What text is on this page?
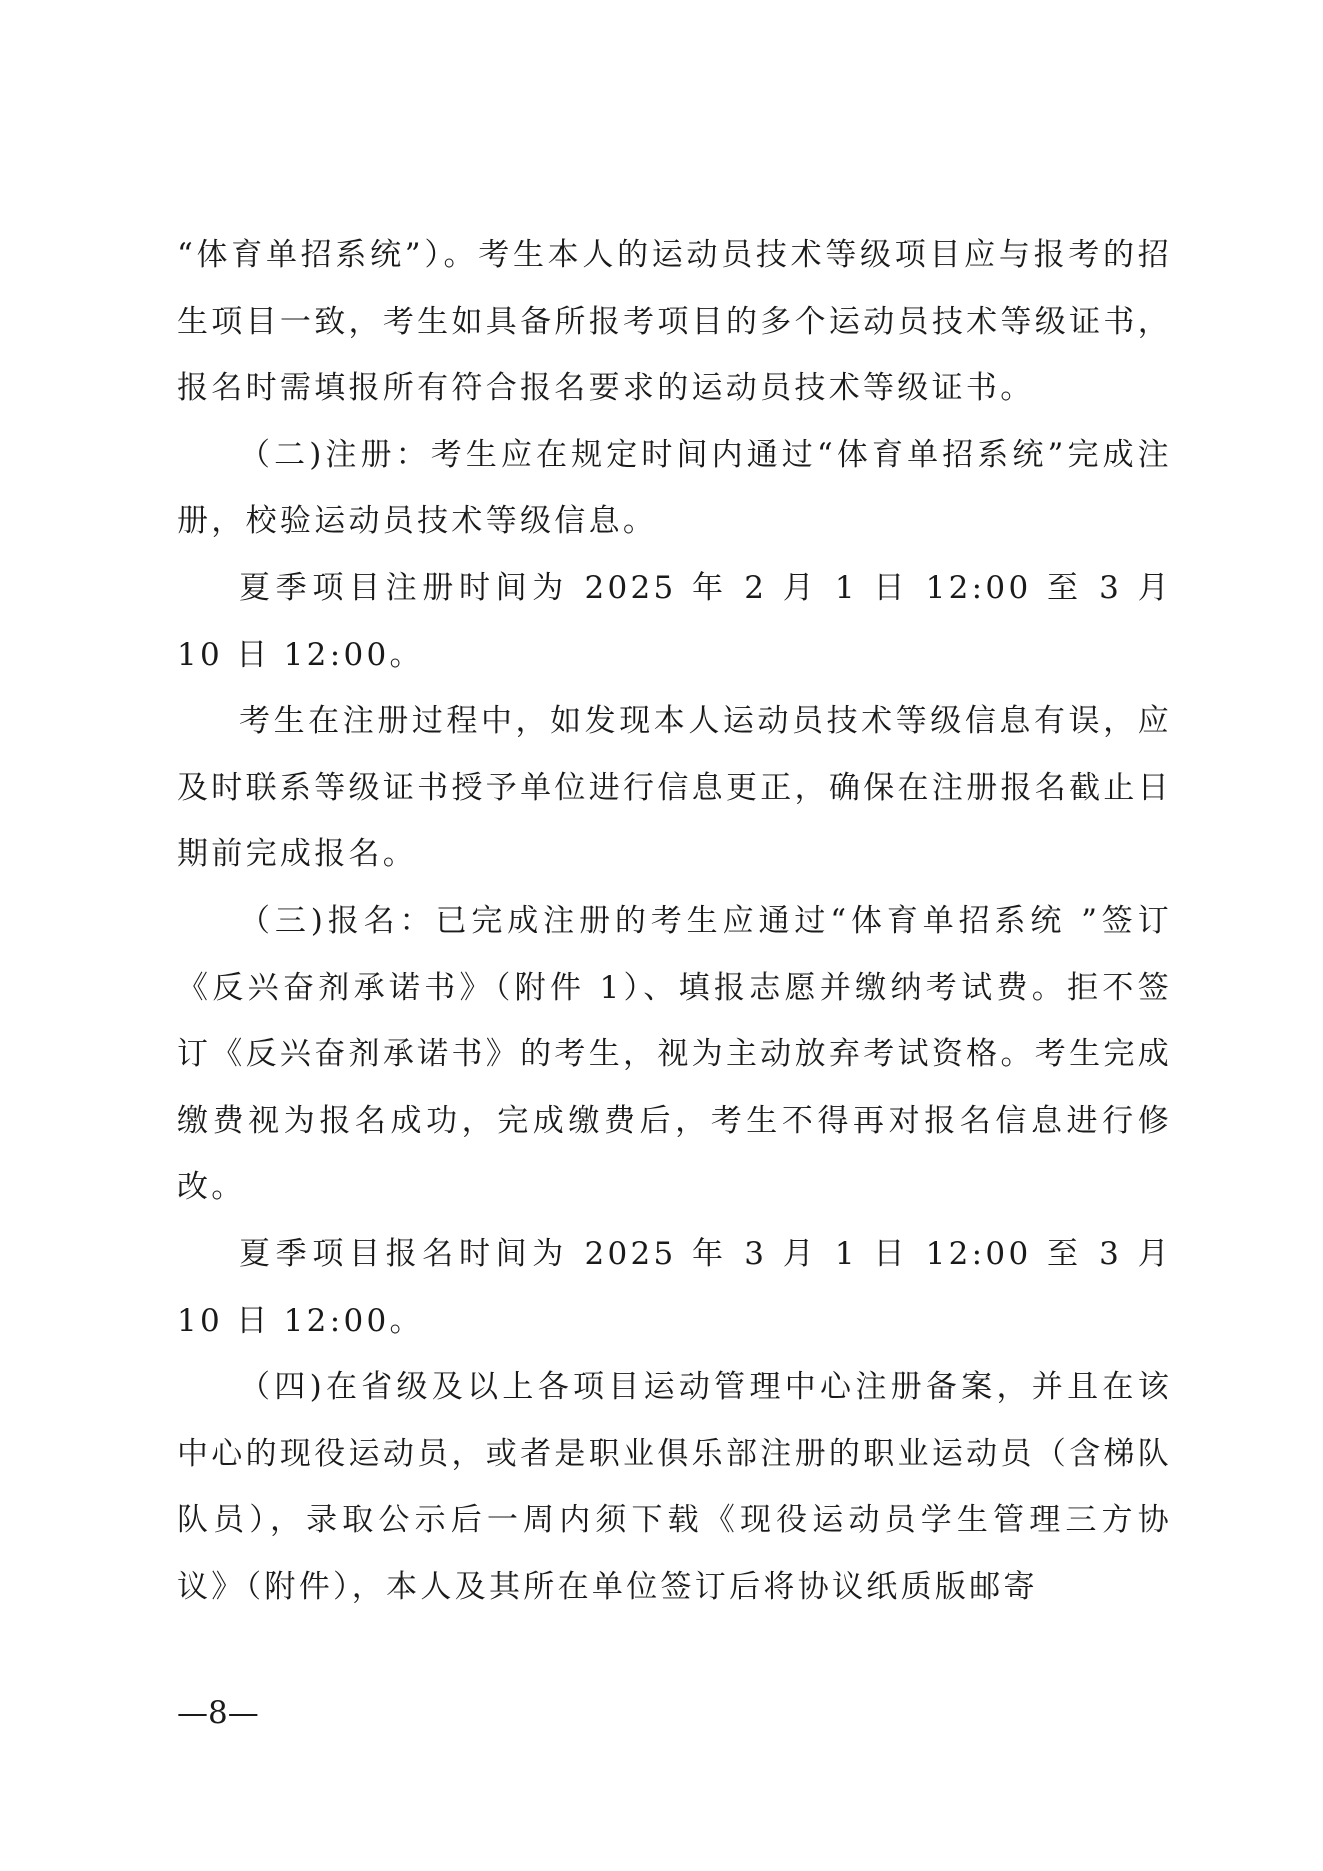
“体育单招系统”）。考生本人的运动员技术等级项目应与报考的招生项目一致，考生如具备所报考项目的多个运动员技术等级证书，报名时需填报所有符合报名要求的运动员技术等级证书。

（二)注册：考生应在规定时间内通过“体育单招系统”完成注册，校验运动员技术等级信息。

夏季项目注册时间为 2025 年 2 月 1 日 12:00 至 3 月 10 日 12:00。

考生在注册过程中，如发现本人运动员技术等级信息有误，应及时联系等级证书授予单位进行信息更正，确保在注册报名截止日期前完成报名。

（三)报名：已完成注册的考生应通过“体育单招系统 ”签订《反兴奋剂承诺书》（附件 1）、填报志愿并缴纳考试费。拒不签订《反兴奋剂承诺书》的考生，视为主动放弃考试资格。考生完成缴费视为报名成功，完成缴费后，考生不得再对报名信息进行修改。

夏季项目报名时间为 2025 年 3 月 1 日 12:00 至 3 月 10 日 12:00。

（四)在省级及以上各项目运动管理中心注册备案，并且在该中心的现役运动员，或者是职业俱乐部注册的职业运动员（含梯队队员），录取公示后一周内须下载《现役运动员学生管理三方协议》（附件），本人及其所在单位签订后将协议纸质版邮寄

—8—
